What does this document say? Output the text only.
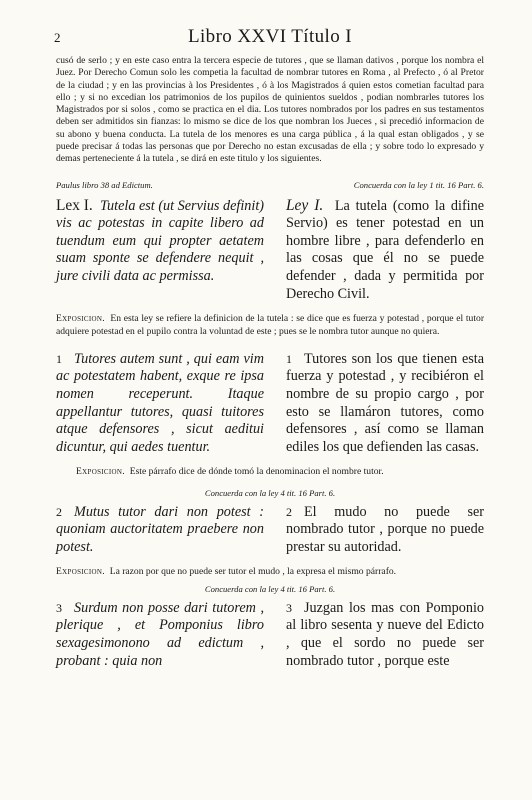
2	Libro XXVI Título I
cusó de serlo ; y en este caso entra la tercera especie de tutores , que se llaman dativos , porque los nombra el Juez. Por Derecho Comun solo les competia la facultad de nombrar tutores en Roma , al Prefecto , ó al Pretor de la ciudad ; y en las provincias à los Presidentes , ó à los Magistrados á quien estos cometian facultad para ello ; y si no excedian los patrimonios de los pupilos de quinientos sueldos , podian nombrarles tutores los Magistrados por si solos , como se practica en el dia. Los tutores nombrados por los padres en sus testamentos deben ser admitidos sin fianzas: lo mismo se dice de los que nombran los Jueces , si precedió informacion de su abono y buena conducta. La tutela de los menores es una carga pública , á la qual estan obligados , y se puede precisar á todas las personas que por Derecho no estan excusadas de ella ; y sobre todo lo expresado y demas perteneciente á la tutela , se dirá en este titulo y los siguientes.
Paulus libro 38 ad Edictum.
Lex I. Tutela est (ut Servius definit) vis ac potestas in capite libero ad tuendum eum qui propter aetatem suam sponte se defendere nequit , jure civili data ac permissa.
Concuerda con la ley 1 tit. 16 Part. 6.
Ley I. La tutela (como la difine Servio) es tener potestad en un hombre libre , para defenderlo en las cosas que él no se puede defender , dada y permitida por Derecho Civil.
Exposicion. En esta ley se refiere la definicion de la tutela : se dice que es fuerza y potestad , porque el tutor adquiere potestad en el pupilo contra la voluntad de este ; pues se le nombra tutor aunque no quiera.
1 Tutores autem sunt , qui eam vim ac potestatem habent, exque re ipsa nomen receperunt. Itaque appellantur tutores, quasi tuitores atque defensores , sicut aeditui dicuntur, qui aedes tuentur.
1 Tutores son los que tienen esta fuerza y potestad , y recibiéron el nombre de su propio cargo , por esto se llamáron tutores, como defensores , así como se llaman ediles los que defienden las casas.
Exposicion. Este párrafo dice de dónde tomó la denominacion el nombre tutor.
Concuerda con la ley 4 tit. 16 Part. 6.
2 Mutus tutor dari non potest : quoniam auctoritatem praebere non potest.
2 El mudo no puede ser nombrado tutor , porque no puede prestar su autoridad.
Exposicion. La razon por que no puede ser tutor el mudo , la expresa el mismo párrafo.
Concuerda con la ley 4 tit. 16 Part. 6.
3 Surdum non posse dari tutorem , plerique , et Pomponius libro sexagesimonono ad edictum , probant : quia non
3 Juzgan los mas con Pomponio al libro sesenta y nueve del Edicto , que el sordo no puede ser nombrado tutor , porque este
